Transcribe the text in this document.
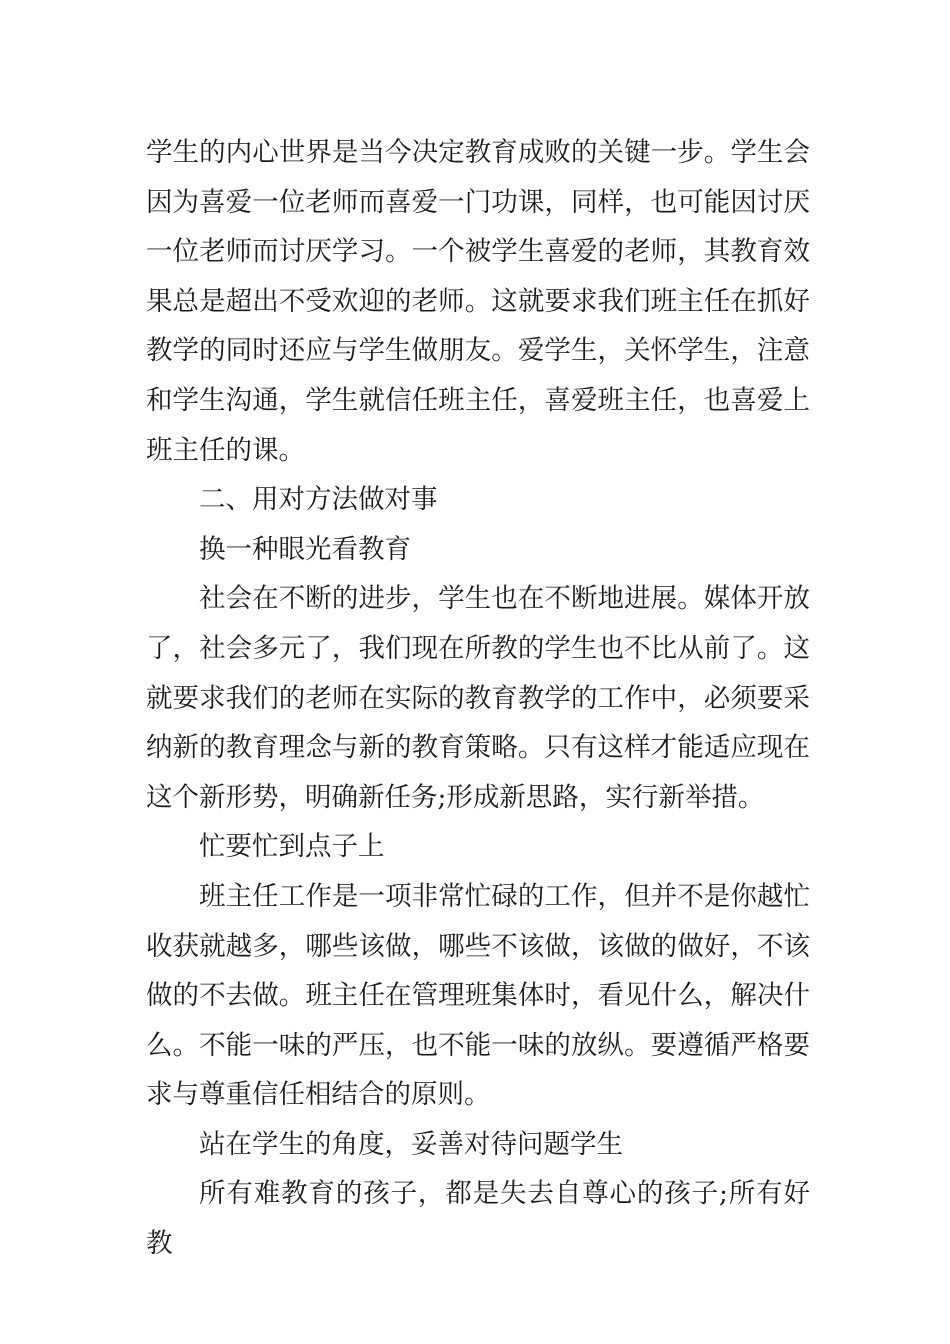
学生的内心世界是当今决定教育成败的关键一步。学生会因为喜爱一位老师而喜爱一门功课，同样，也可能因讨厌一位老师而讨厌学习。一个被学生喜爱的老师，其教育效果总是超出不受欢迎的老师。这就要求我们班主任在抓好教学的同时还应与学生做朋友。爱学生，关怀学生，注意和学生沟通，学生就信任班主任，喜爱班主任，也喜爱上班主任的课。

二、用对方法做对事

换一种眼光看教育

社会在不断的进步，学生也在不断地进展。媒体开放了，社会多元了，我们现在所教的学生也不比从前了。这就要求我们的老师在实际的教育教学的工作中，必须要采纳新的教育理念与新的教育策略。只有这样才能适应现在这个新形势，明确新任务;形成新思路，实行新举措。

忙要忙到点子上

班主任工作是一项非常忙碌的工作，但并不是你越忙收获就越多，哪些该做，哪些不该做，该做的做好，不该做的不去做。班主任在管理班集体时，看见什么，解决什么。不能一味的严压，也不能一味的放纵。要遵循严格要求与尊重信任相结合的原则。

站在学生的角度，妥善对待问题学生

所有难教育的孩子，都是失去自尊心的孩子;所有好教
